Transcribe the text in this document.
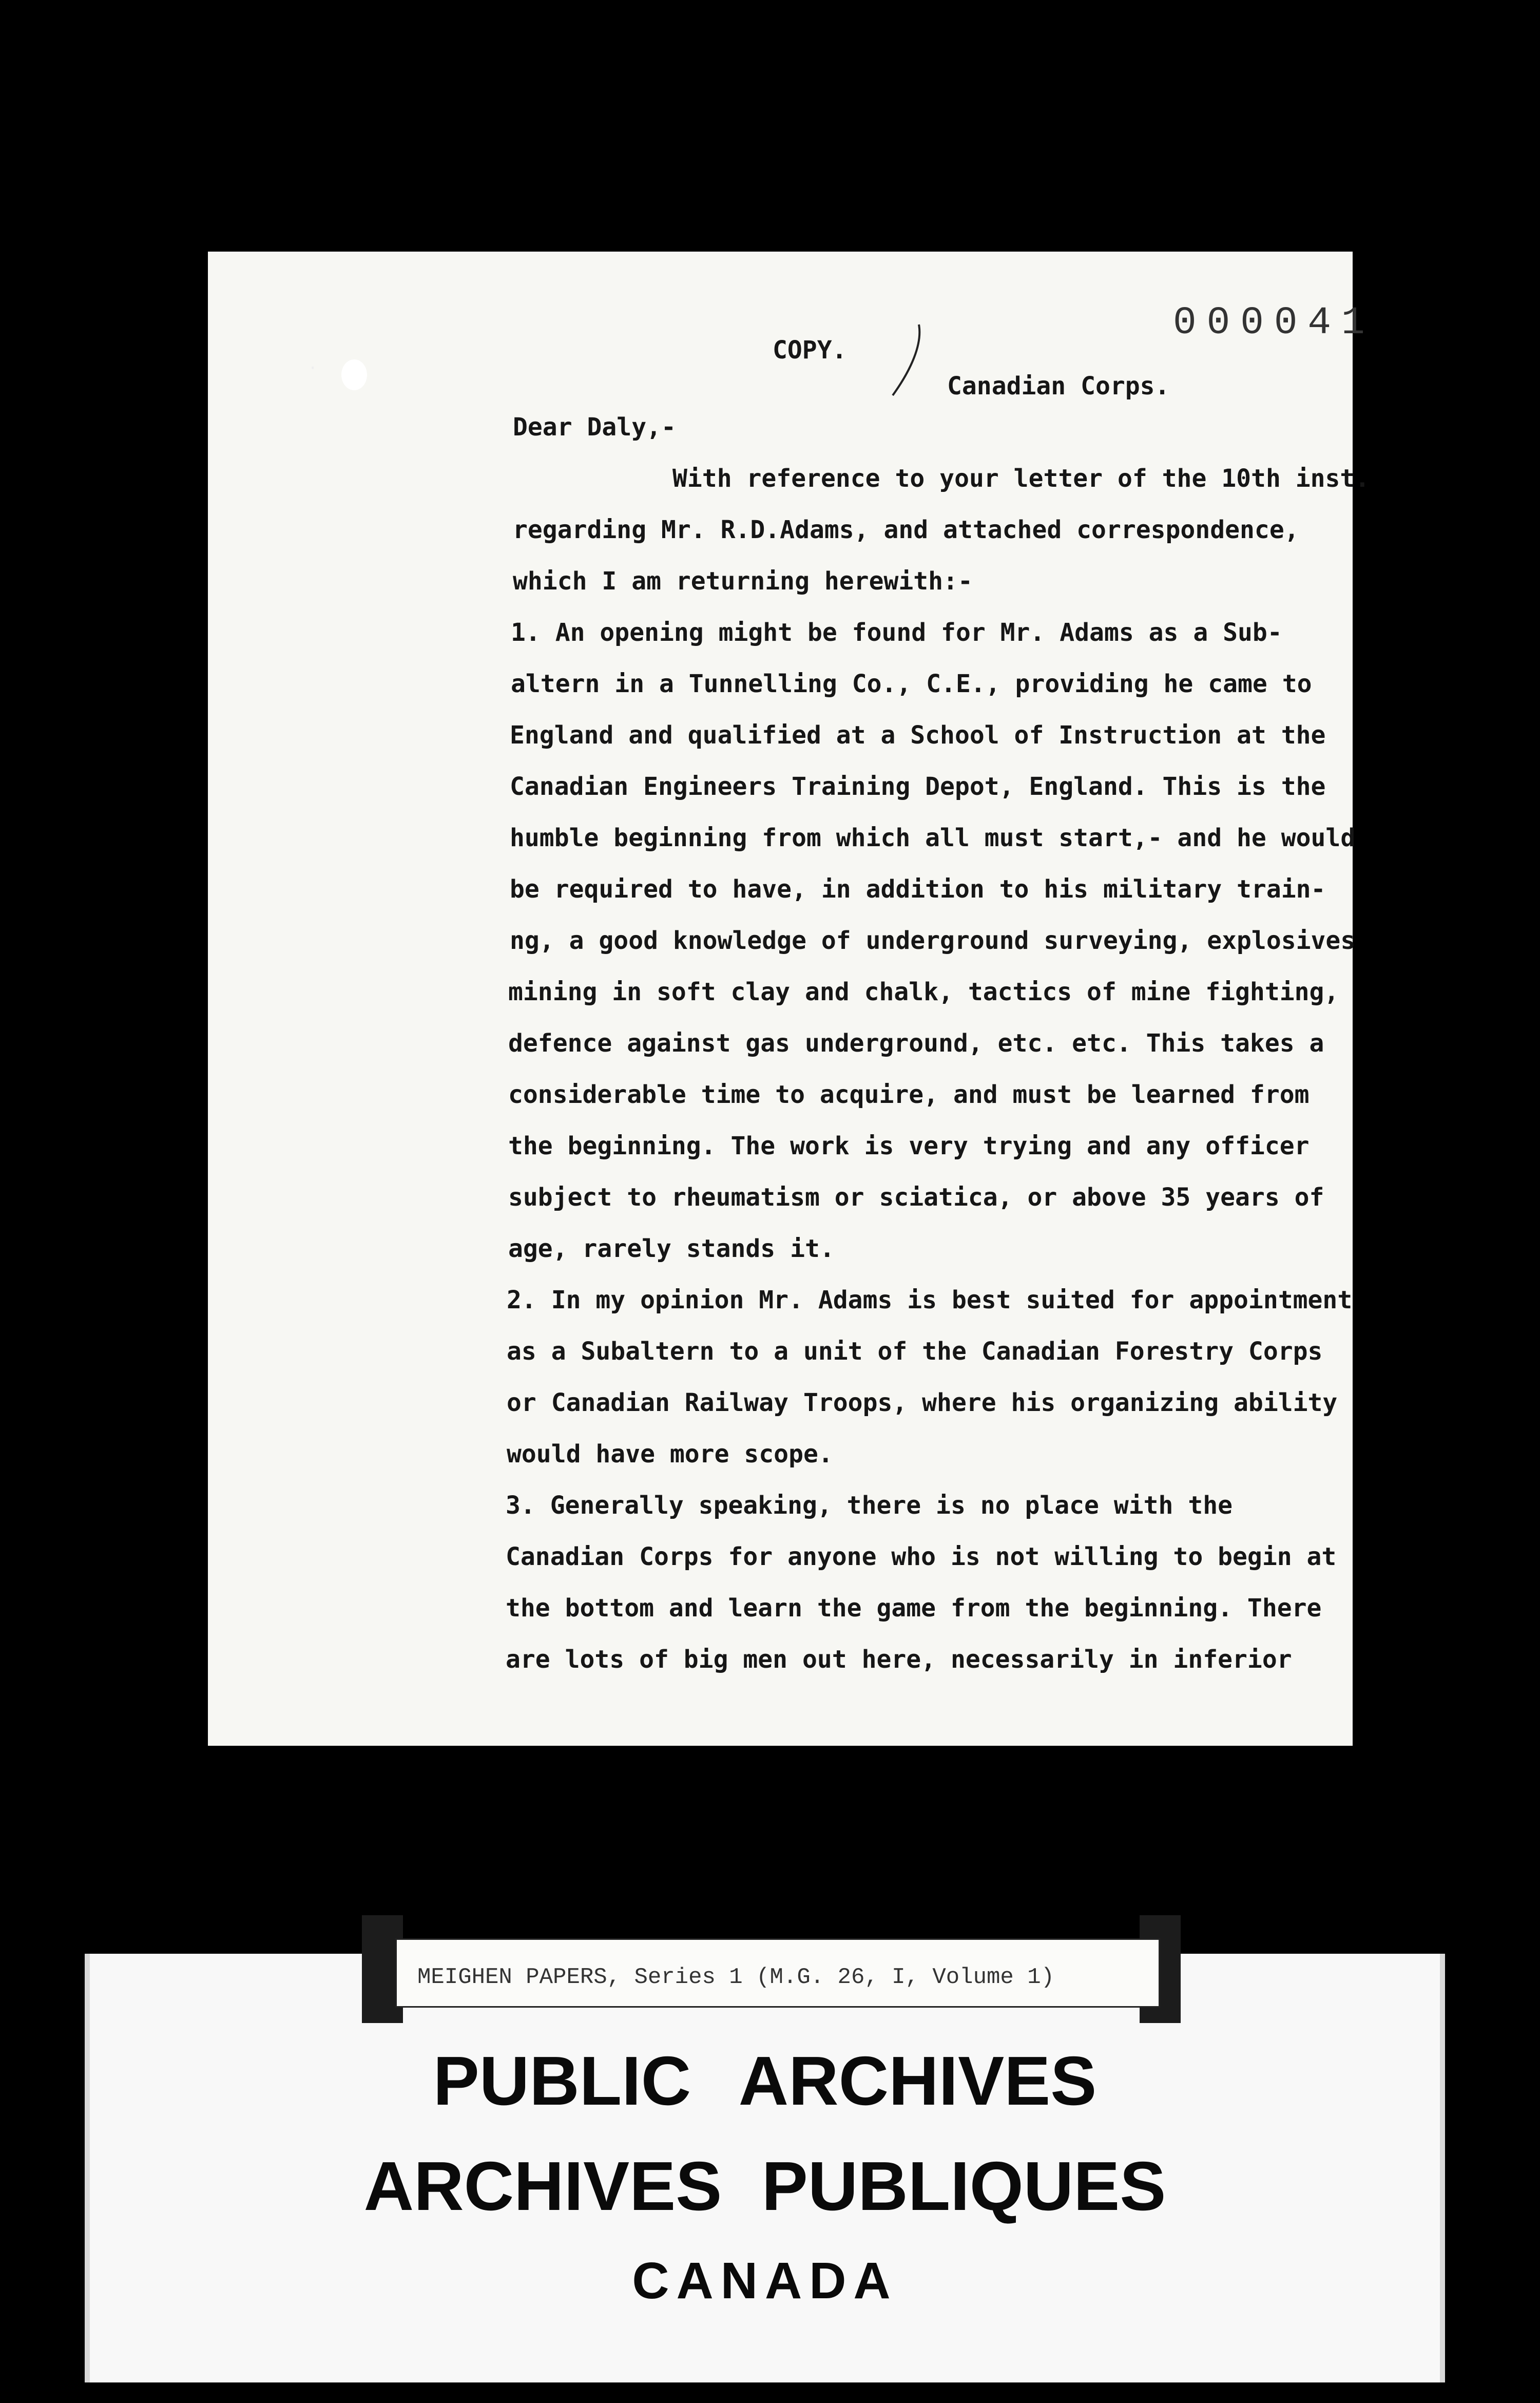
000041
COPY.
Canadian Corps.
Dear Daly,-
With reference to your letter of the 10th inst.
regarding Mr. R.D.Adams, and attached correspondence,
which I am returning herewith:-
1. An opening might be found for Mr. Adams as a Sub-
altern in a Tunnelling Co., C.E., providing he came to
England and qualified at a School of Instruction at the
Canadian Engineers Training Depot, England. This is the
humble beginning from which all must start,- and he would
be required to have, in addition to his military train-
ng, a good knowledge of underground surveying, explosives
mining in soft clay and chalk, tactics of mine fighting,
defence against gas underground, etc. etc. This takes a
considerable time to acquire, and must be learned from
the beginning. The work is very trying and any officer
subject to rheumatism or sciatica, or above 35 years of
age, rarely stands it.
2. In my opinion Mr. Adams is best suited for appointment
as a Subaltern to a unit of the Canadian Forestry Corps
or Canadian Railway Troops, where his organizing ability
would have more scope.
3. Generally speaking, there is no place with the
Canadian Corps for anyone who is not willing to begin at
the bottom and learn the game from the beginning. There
are lots of big men out here, necessarily in inferior
·
MEIGHEN PAPERS, Series 1 (M.G. 26, I, Volume 1)
PUBLIC ARCHIVES
ARCHIVES PUBLIQUES
CANADA
